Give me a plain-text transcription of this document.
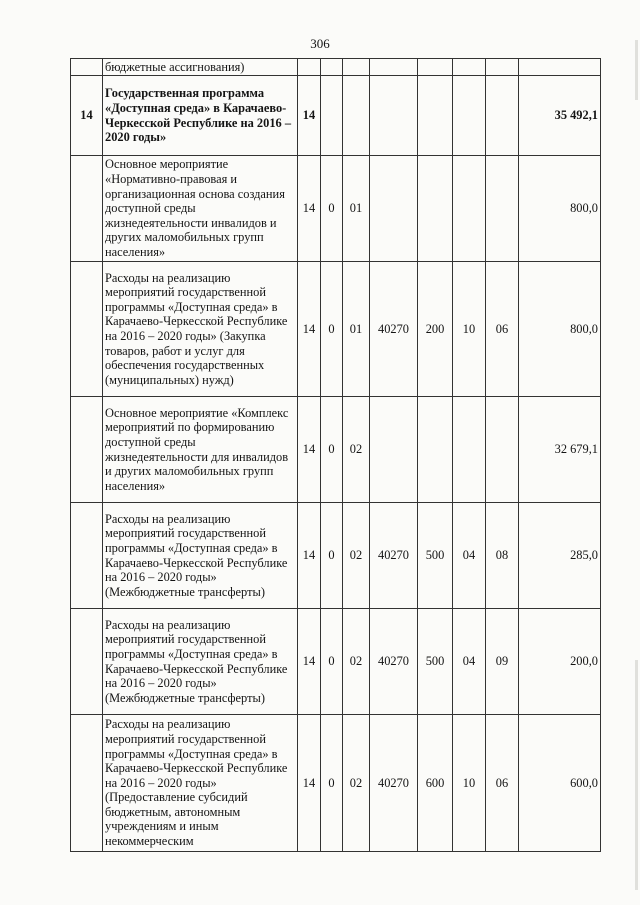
306
	бюджетные ассигнования)								
14	Государственная программа «Доступная среда» в Карачаево-Черкесской Республике на 2016 – 2020 годы»	14							35 492,1
	Основное мероприятие «Нормативно-правовая и организационная основа создания доступной среды жизнедеятельности инвалидов и других маломобильных групп населения»	14	0	01					800,0
	Расходы на реализацию мероприятий государственной программы «Доступная среда» в Карачаево-Черкесской Республике на 2016 – 2020 годы» (Закупка товаров, работ и услуг для обеспечения государственных (муниципальных) нужд)	14	0	01	40270	200	10	06	800,0
	Основное мероприятие «Комплекс мероприятий по формированию доступной среды жизнедеятельности для инвалидов и других маломобильных групп населения»	14	0	02					32 679,1
	Расходы на реализацию мероприятий государственной программы «Доступная среда» в Карачаево-Черкесской Республике на 2016 – 2020 годы» (Межбюджетные трансферты)	14	0	02	40270	500	04	08	285,0
	Расходы на реализацию мероприятий государственной программы «Доступная среда» в Карачаево-Черкесской Республике на 2016 – 2020 годы» (Межбюджетные трансферты)	14	0	02	40270	500	04	09	200,0
	Расходы на реализацию мероприятий государственной программы «Доступная среда» в Карачаево-Черкесской Республике на 2016 – 2020 годы» (Предоставление субсидий бюджетным, автономным учреждениям и иным некоммерческим	14	0	02	40270	600	10	06	600,0
